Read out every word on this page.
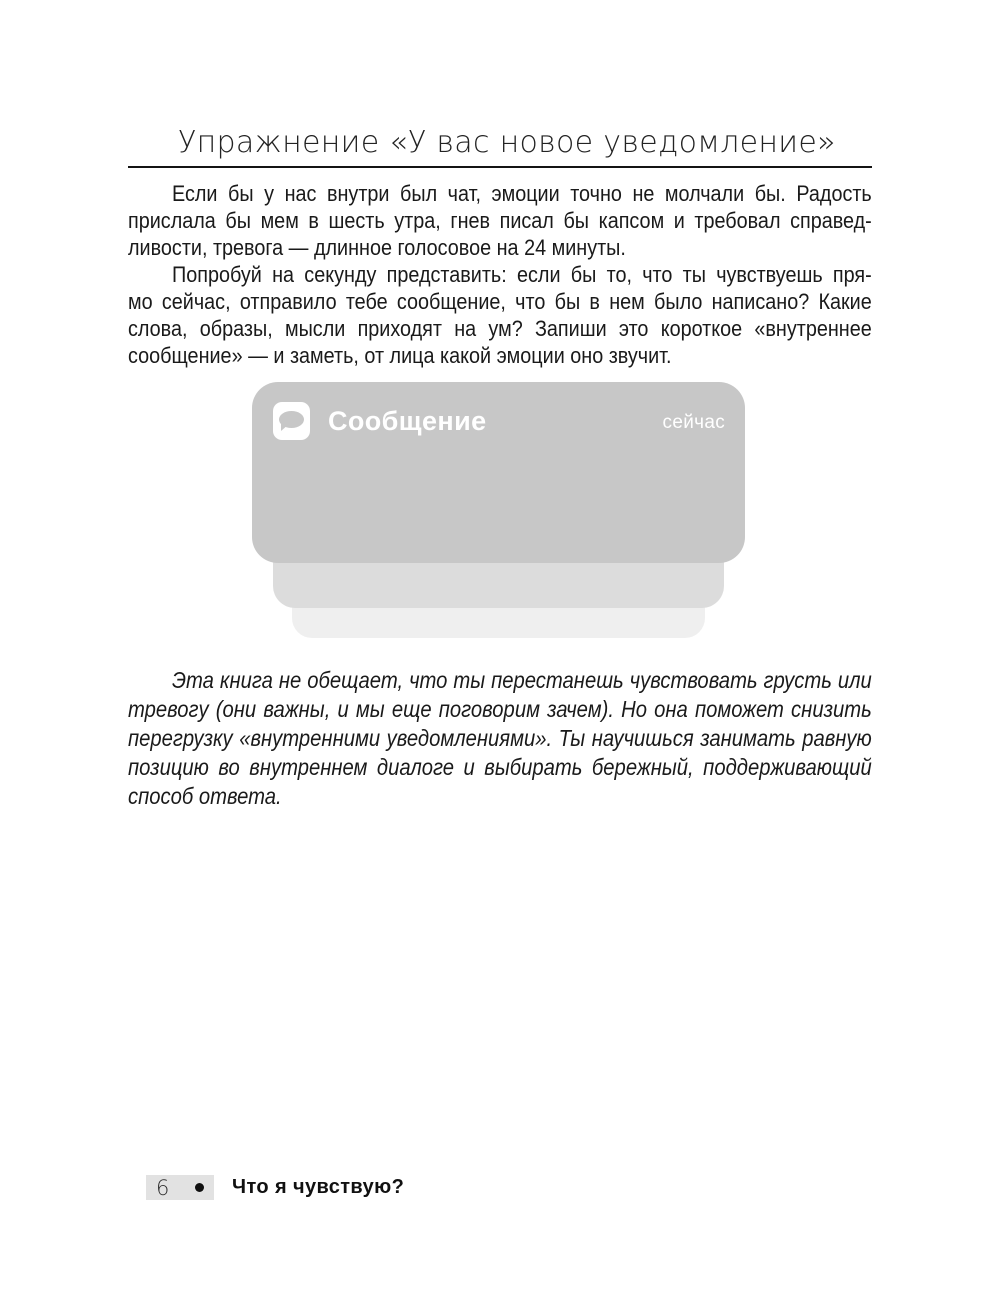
Упражнение «У вас новое уведомление»
Если бы у нас внутри был чат, эмоции точно не молчали бы. Радость
прислала бы мем в шесть утра, гнев писал бы капсом и требовал справед-
ливости, тревога — длинное голосовое на 24 минуты.
Попробуй на секунду представить: если бы то, что ты чувствуешь пря-
мо сейчас, отправило тебе сообщение, что бы в нем было написано? Какие
слова, образы, мысли приходят на ум? Запиши это короткое «внутреннее
сообщение» — и заметь, от лица какой эмоции оно звучит.
Сообщение	сейчас
Эта книга не обещает, что ты перестанешь чувствовать грусть или
тревогу (они важны, и мы еще поговорим зачем). Но она поможет снизить
перегрузку «внутренними уведомлениями». Ты научишься занимать равную
позицию во внутреннем диалоге и выбирать бережный, поддерживающий
способ ответа.
6	Что я чувствую?
